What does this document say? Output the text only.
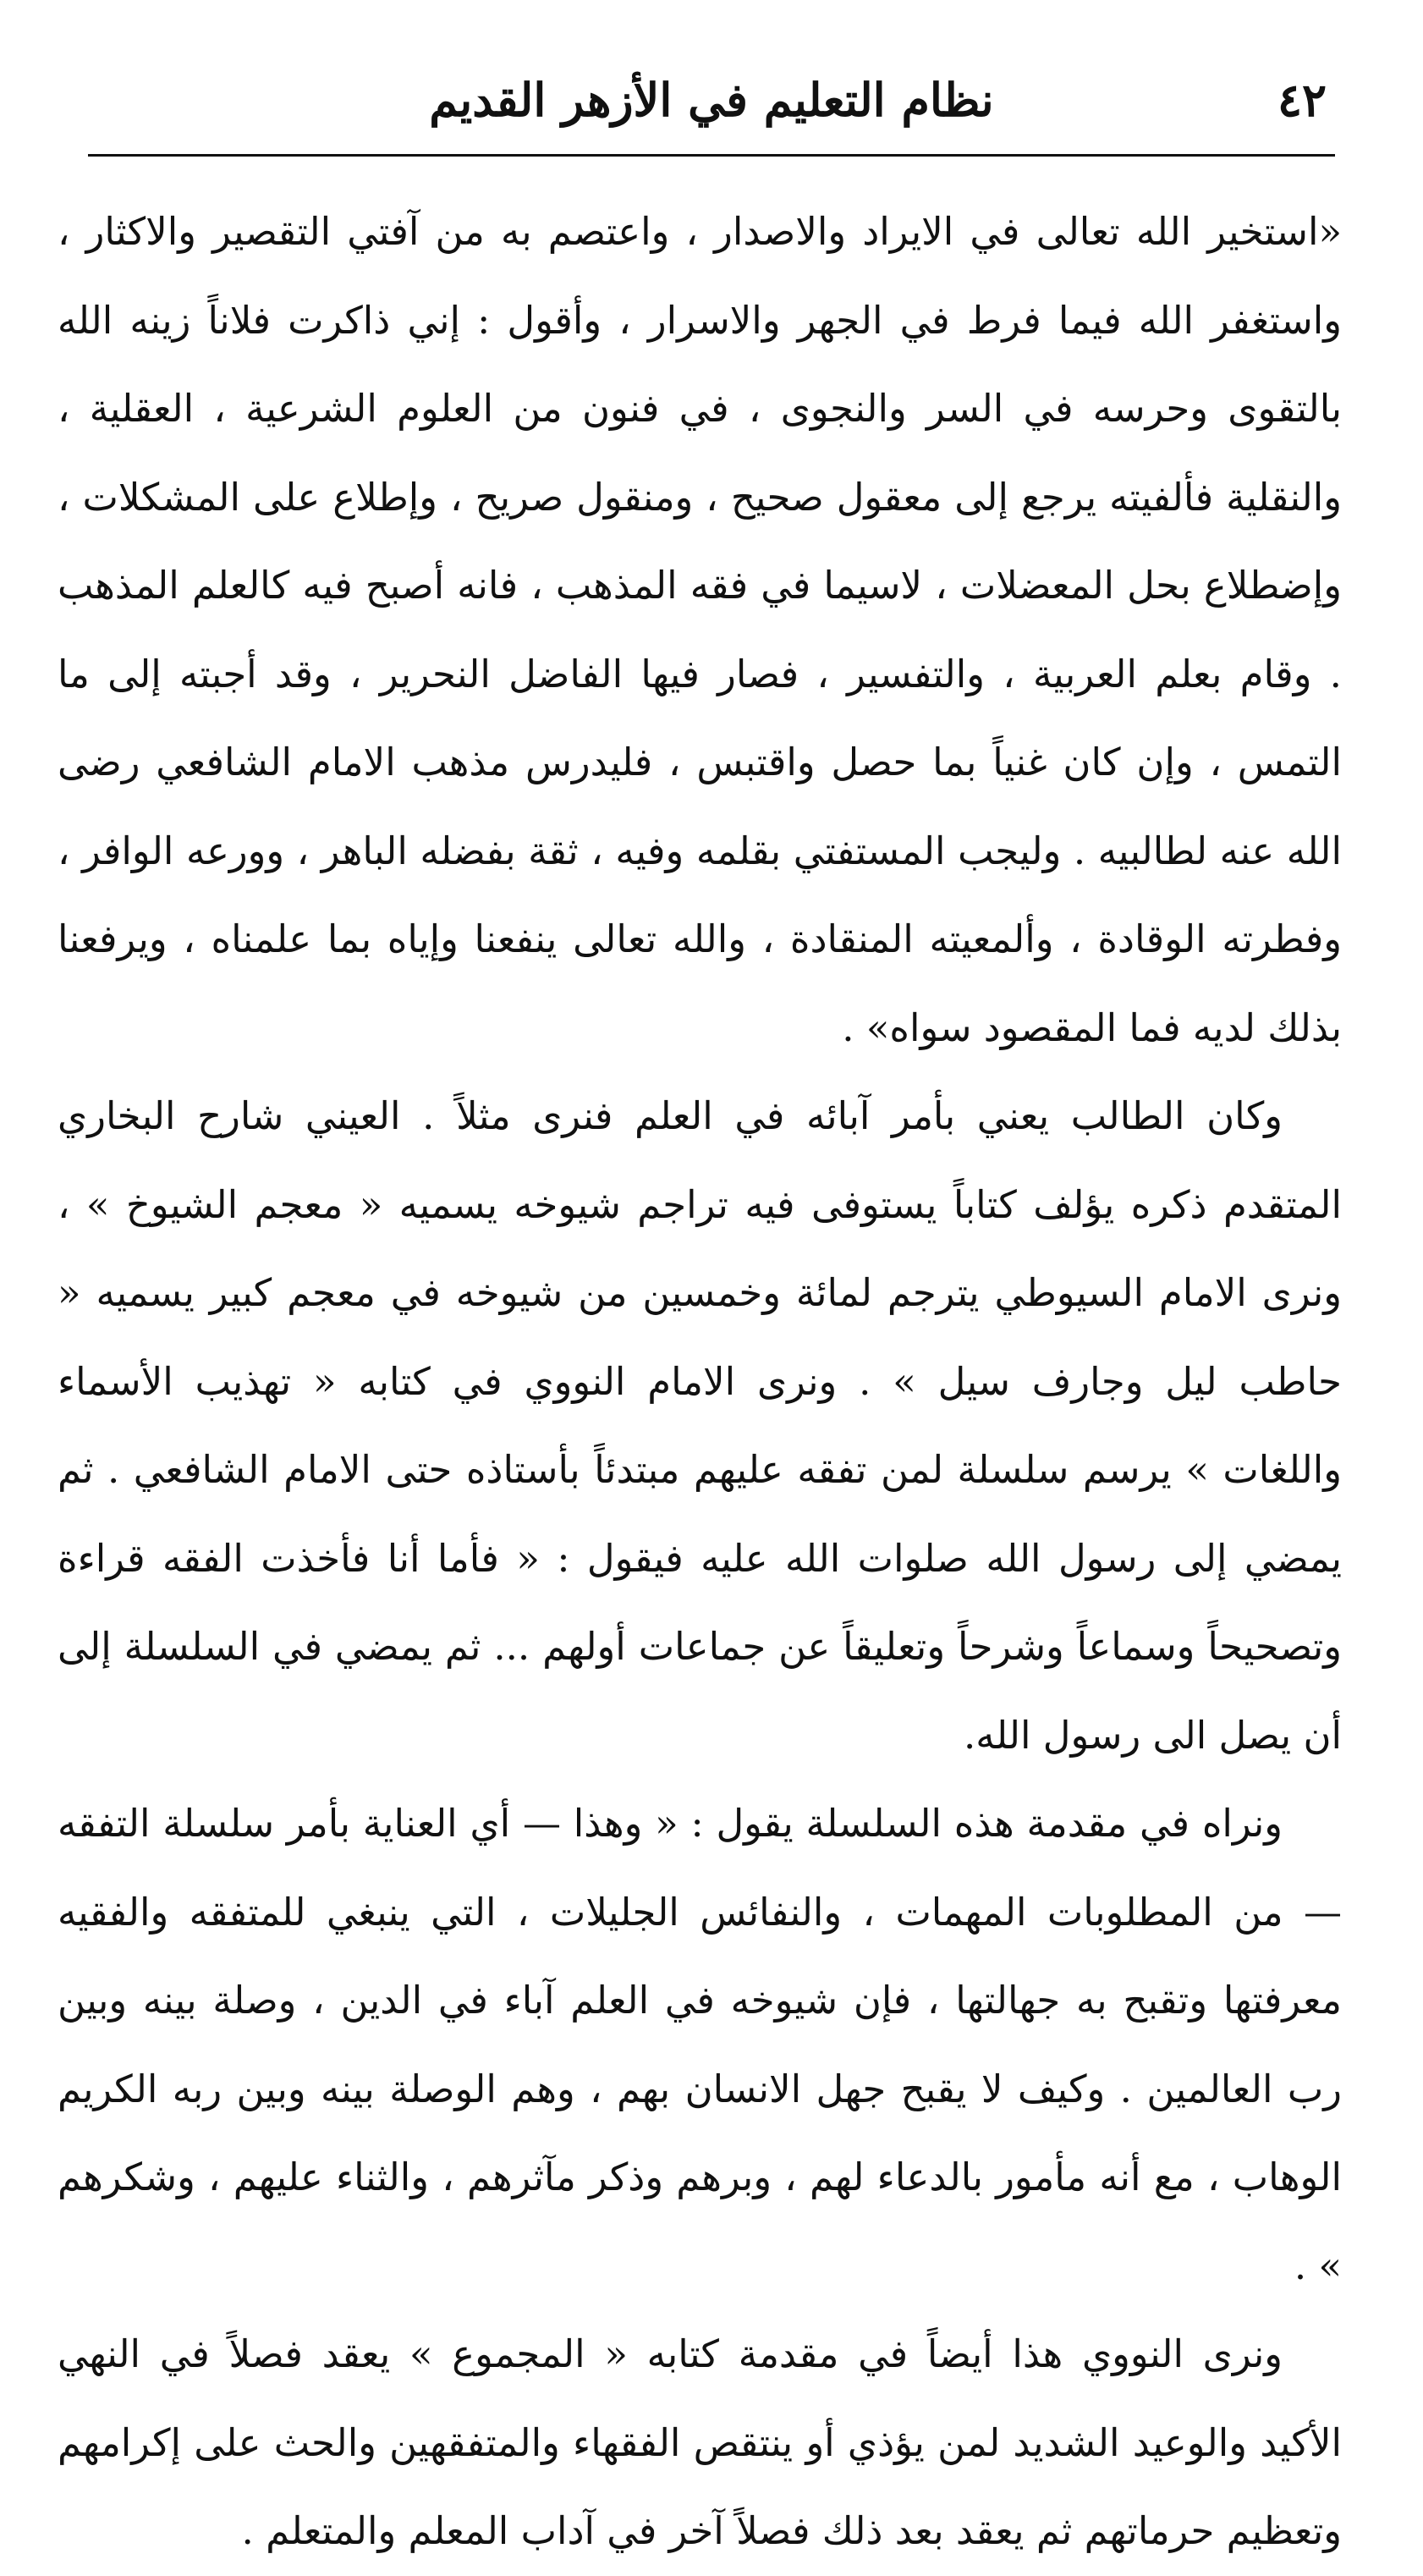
٤٢
نظام التعليم في الأزهر القديم

«استخير الله تعالى في الايراد والاصدار ، واعتصم به من آفتي التقصير والاكثار ، واستغفر الله فيما فرط في الجهر والاسرار ، وأقول : إني ذاكرت فلاناً زينه الله بالتقوى وحرسه في السر والنجوى ، في فنون من العلوم الشرعية ، العقلية ، والنقلية فألفيته يرجع إلى معقول صحيح ، ومنقول صريح ، وإطلاع على المشكلات ، وإضطلاع بحل المعضلات ، لاسيما في فقه المذهب ، فانه أصبح فيه كالعلم المذهب . وقام بعلم العربية ، والتفسير ، فصار فيها الفاضل النحرير ، وقد أجبته إلى ما التمس ، وإن كان غنياً بما حصل واقتبس ، فليدرس مذهب الامام الشافعي رضى الله عنه لطالبيه . وليجب المستفتي بقلمه وفيه ، ثقة بفضله الباهر ، وورعه الوافر ، وفطرته الوقادة ، وألمعيته المنقادة ، والله تعالى ينفعنا وإياه بما علمناه ، ويرفعنا بذلك لديه فما المقصود سواه» .

وكان الطالب يعني بأمر آبائه في العلم فنرى مثلاً . العيني شارح البخاري المتقدم ذكره يؤلف كتاباً يستوفى فيه تراجم شيوخه يسميه « معجم الشيوخ » ، ونرى الامام السيوطي يترجم لمائة وخمسين من شيوخه في معجم كبير يسميه « حاطب ليل وجارف سيل » . ونرى الامام النووي في كتابه « تهذيب الأسماء واللغات » يرسم سلسلة لمن تفقه عليهم مبتدئاً بأستاذه حتى الامام الشافعي . ثم يمضي إلى رسول الله صلوات الله عليه فيقول : « فأما أنا فأخذت الفقه قراءة وتصحيحاً وسماعاً وشرحاً وتعليقاً عن جماعات أولهم ... ثم يمضي في السلسلة إلى أن يصل الى رسول الله.

ونراه في مقدمة هذه السلسلة يقول : « وهذا — أي العناية بأمر سلسلة التفقه — من المطلوبات المهمات ، والنفائس الجليلات ، التي ينبغي للمتفقه والفقيه معرفتها وتقبح به جهالتها ، فإن شيوخه في العلم آباء في الدين ، وصلة بينه وبين رب العالمين . وكيف لا يقبح جهل الانسان بهم ، وهم الوصلة بينه وبين ربه الكريم الوهاب ، مع أنه مأمور بالدعاء لهم ، وبرهم وذكر مآثرهم ، والثناء عليهم ، وشكرهم » .

ونرى النووي هذا أيضاً في مقدمة كتابه « المجموع » يعقد فصلاً في النهي الأكيد والوعيد الشديد لمن يؤذي أو ينتقص الفقهاء والمتفقهين والحث على إكرامهم وتعظيم حرماتهم ثم يعقد بعد ذلك فصلاً آخر في آداب المعلم والمتعلم .
